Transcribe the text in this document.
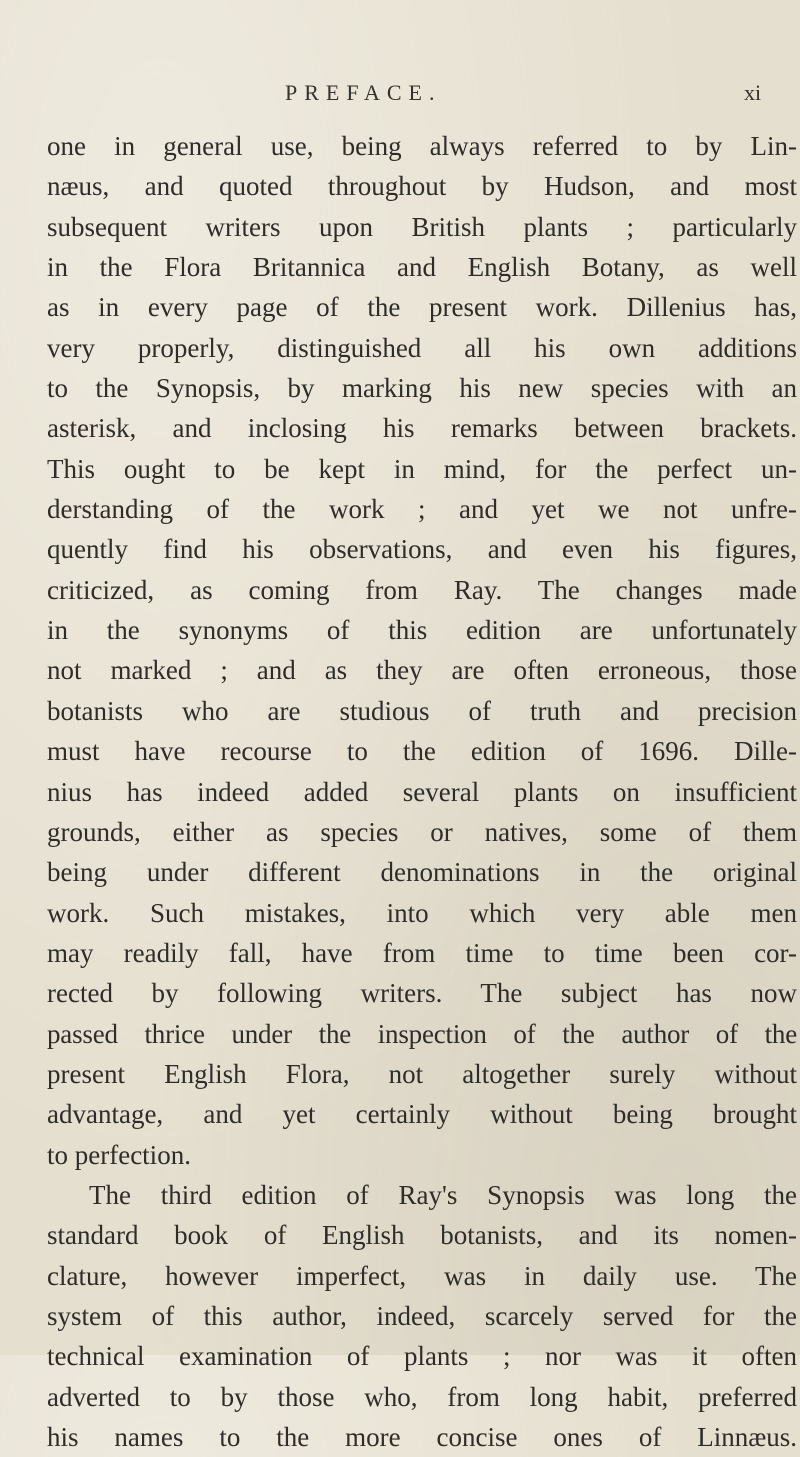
PREFACE.	xi
one in general use, being always referred to by Lin-
næus, and quoted throughout by Hudson, and most
subsequent writers upon British plants ; particularly
in the Flora Britannica and English Botany, as well
as in every page of the present work. Dillenius has,
very properly, distinguished all his own additions
to the Synopsis, by marking his new species with an
asterisk, and inclosing his remarks between brackets.
This ought to be kept in mind, for the perfect un-
derstanding of the work ; and yet we not unfre-
quently find his observations, and even his figures,
criticized, as coming from Ray. The changes made
in the synonyms of this edition are unfortunately
not marked ; and as they are often erroneous, those
botanists who are studious of truth and precision
must have recourse to the edition of 1696. Dille-
nius has indeed added several plants on insufficient
grounds, either as species or natives, some of them
being under different denominations in the original
work. Such mistakes, into which very able men
may readily fall, have from time to time been cor-
rected by following writers. The subject has now
passed thrice under the inspection of the author of the
present English Flora, not altogether surely without
advantage, and yet certainly without being brought
to perfection.
The third edition of Ray's Synopsis was long the
standard book of English botanists, and its nomen-
clature, however imperfect, was in daily use. The
system of this author, indeed, scarcely served for the
technical examination of plants ; nor was it often
adverted to by those who, from long habit, preferred
his names to the more concise ones of Linnæus.
